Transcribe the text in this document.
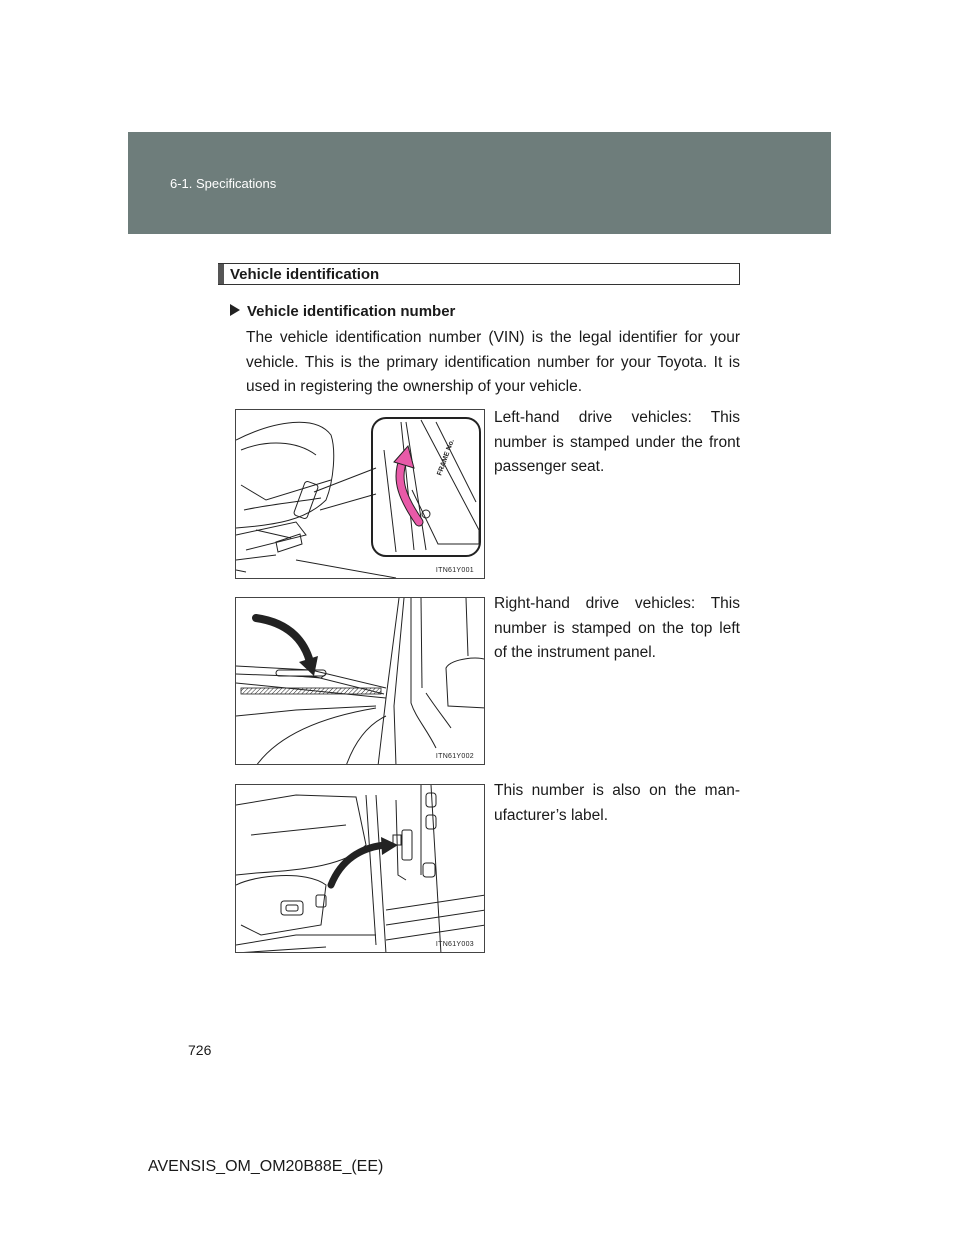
6-1. Specifications
Vehicle identification
Vehicle identification number
The vehicle identification number (VIN) is the legal identifier for your vehicle. This is the primary identification number for your Toyota. It is used in registering the ownership of your vehicle.
FRAME No.
ITN61Y001
Left-hand drive vehicles: This number is stamped under the front passenger seat.
ITN61Y002
Right-hand drive vehicles: This number is stamped on the top left of the instrument panel.
ITN61Y003
This number is also on the man-ufacturer’s label.
726
AVENSIS_OM_OM20B88E_(EE)
